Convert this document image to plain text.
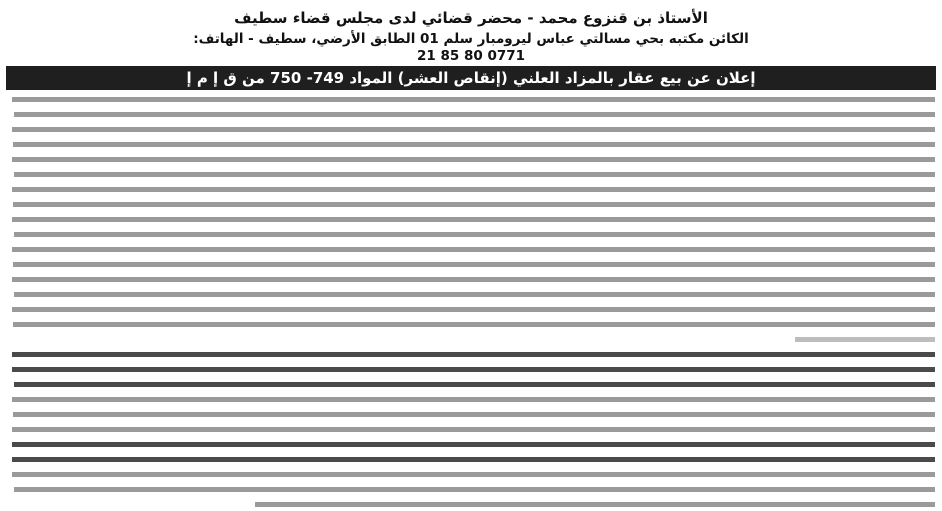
الأستاذ بن قنزوع محمد - محضر قضائي لدى مجلس قضاء سطيف
الكائن مكتبه بحي مسالتي عباس ليرومبار سلم 01 الطابق الأرضي، سطيف - الهاتف:
0771 80 85 21
إعلان عن بيع عقار بالمزاد العلني (إنقاص العشر) المواد 749- 750 من ق إ م إ
